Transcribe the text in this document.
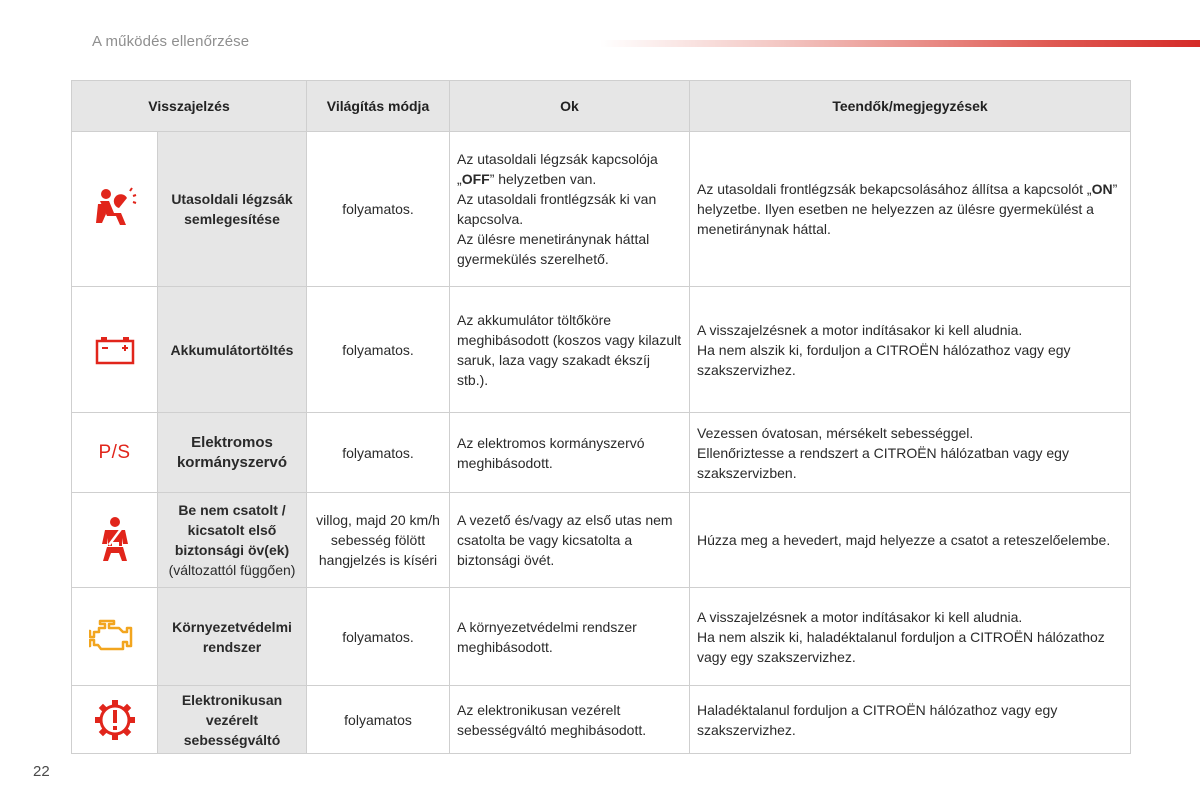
A működés ellenőrzése
Visszajelzés		Világítás módja	Ok	Teendők/megjegyzések
	Utasoldali légzsák semlegesítése	folyamatos.	Az utasoldali légzsák kapcsolója
„OFF” helyzetben van.
Az utasoldali frontlégzsák ki van kapcsolva.
Az ülésre menetiránynak háttal gyermekülés szerelhető.	Az utasoldali frontlégzsák bekapcsolásához állítsa a kapcsolót „ON” helyzetbe. Ilyen esetben ne helyezzen az ülésre gyermekülést a menetiránynak háttal.
	Akkumulátortöltés	folyamatos.	Az akkumulátor töltőköre meghibásodott (koszos vagy kilazult saruk, laza vagy szakadt ékszíj stb.).	A visszajelzésnek a motor indításakor ki kell aludnia.
Ha nem alszik ki, forduljon a CITROËN hálózathoz vagy egy szakszervizhez.

P/S	Elektromos kormányszervó	folyamatos.	Az elektromos kormányszervó meghibásodott.	Vezessen óvatosan, mérsékelt sebességgel.
Ellenőriztesse a rendszert a CITROËN hálózatban vagy egy szakszervizben.

	Be nem csatolt / kicsatolt első biztonsági öv(ek)
(változattól függően)	villog, majd 20 km/h sebesség fölött hangjelzés is kíséri	A vezető és/vagy az első utas nem csatolta be vagy kicsatolta a biztonsági övét.	Húzza meg a hevedert, majd helyezze a csatot a reteszelőelembe.
	Környezetvédelmi rendszer	folyamatos.	A környezetvédelmi rendszer meghibásodott.	A visszajelzésnek a motor indításakor ki kell aludnia.
Ha nem alszik ki, haladéktalanul forduljon a CITROËN hálózathoz vagy egy szakszervizhez.

	Elektronikusan vezérelt sebességváltó	folyamatos	Az elektronikusan vezérelt sebességváltó meghibásodott.	Haladéktalanul forduljon a CITROËN hálózathoz vagy egy szakszervizhez.
22
